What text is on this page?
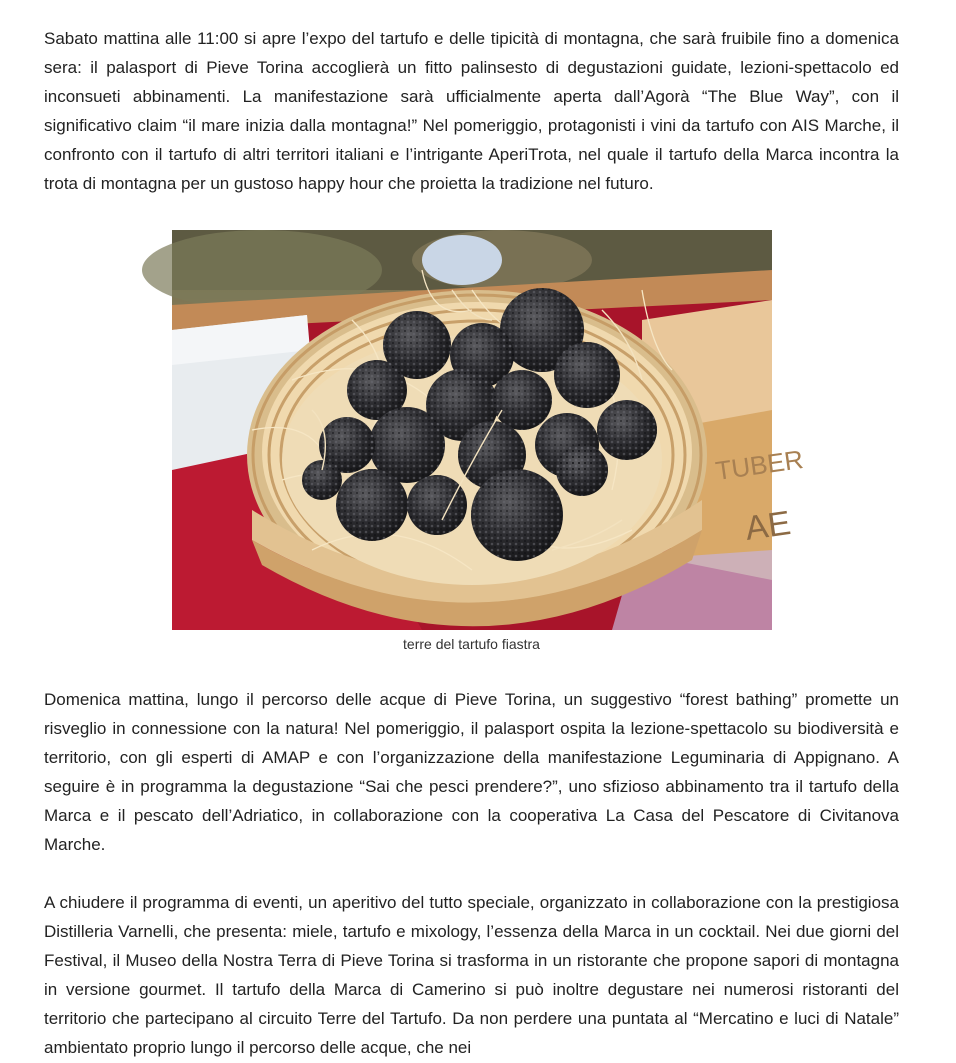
Sabato mattina alle 11:00 si apre l’expo del tartufo e delle tipicità di montagna, che sarà fruibile fino a domenica sera: il palasport di Pieve Torina accoglierà un fitto palinsesto di degustazioni guidate, lezioni-spettacolo ed inconsueti abbinamenti. La manifestazione sarà ufficialmente aperta dall’Agorà “The Blue Way”, con il significativo claim “il mare inizia dalla montagna!” Nel pomeriggio, protagonisti i vini da tartufo con AIS Marche, il confronto con il tartufo di altri territori italiani e l’intrigante AperiTrota, nel quale il tartufo della Marca incontra la trota di montagna per un gustoso happy hour che proietta la tradizione nel futuro.

TUBER
AE
terre del tartufo fiastra

Domenica mattina, lungo il percorso delle acque di Pieve Torina, un suggestivo “forest bathing” promette un risveglio in connessione con la natura! Nel pomeriggio, il palasport ospita la lezione-spettacolo su biodiversità e territorio, con gli esperti di AMAP e con l’organizzazione della manifestazione Leguminaria di Appignano. A seguire è in programma la degustazione “Sai che pesci prendere?”, uno sfizioso abbinamento tra il tartufo della Marca e il pescato dell’Adriatico, in collaborazione con la cooperativa La Casa del Pescatore di Civitanova Marche.

A chiudere il programma di eventi, un aperitivo del tutto speciale, organizzato in collaborazione con la prestigiosa Distilleria Varnelli, che presenta: miele, tartufo e mixology, l’essenza della Marca in un cocktail. Nei due giorni del Festival, il Museo della Nostra Terra di Pieve Torina si trasforma in un ristorante che propone sapori di montagna in versione gourmet. Il tartufo della Marca di Camerino si può inoltre degustare nei numerosi ristoranti del territorio che partecipano al circuito Terre del Tartufo. Da non perdere una puntata al “Mercatino e luci di Natale” ambientato proprio lungo il percorso delle acque, che nei
